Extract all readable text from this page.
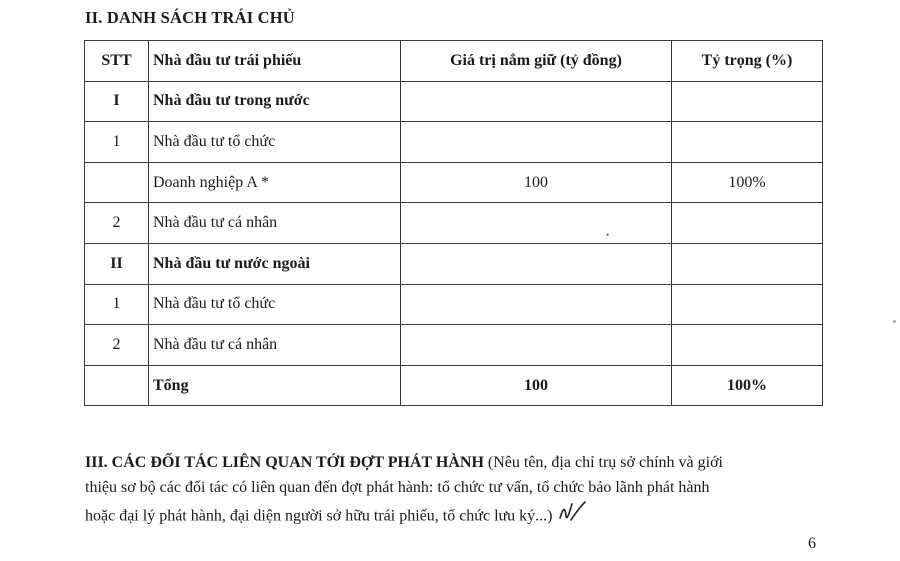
II. DANH SÁCH TRÁI CHỦ
STT	Nhà đầu tư trái phiếu	Giá trị nắm giữ (tỷ đồng)	Tỷ trọng (%)
I	Nhà đầu tư trong nước		
1	Nhà đầu tư tổ chức		
	Doanh nghiệp A *	100	100%
2	Nhà đầu tư cá nhân		
II	Nhà đầu tư nước ngoài		
1	Nhà đầu tư tổ chức		
2	Nhà đầu tư cá nhân		
	Tổng	100	100%
•
III. CÁC ĐỐI TÁC LIÊN QUAN TỚI ĐỢT PHÁT HÀNH (Nêu tên, địa chỉ trụ sở chính và giới
thiệu sơ bộ các đối tác có liên quan đến đợt phát hành: tổ chức tư vấn, tổ chức bảo lãnh phát hành
hoặc đại lý phát hành, đại diện người sở hữu trái phiếu, tổ chức lưu ký...)
6
